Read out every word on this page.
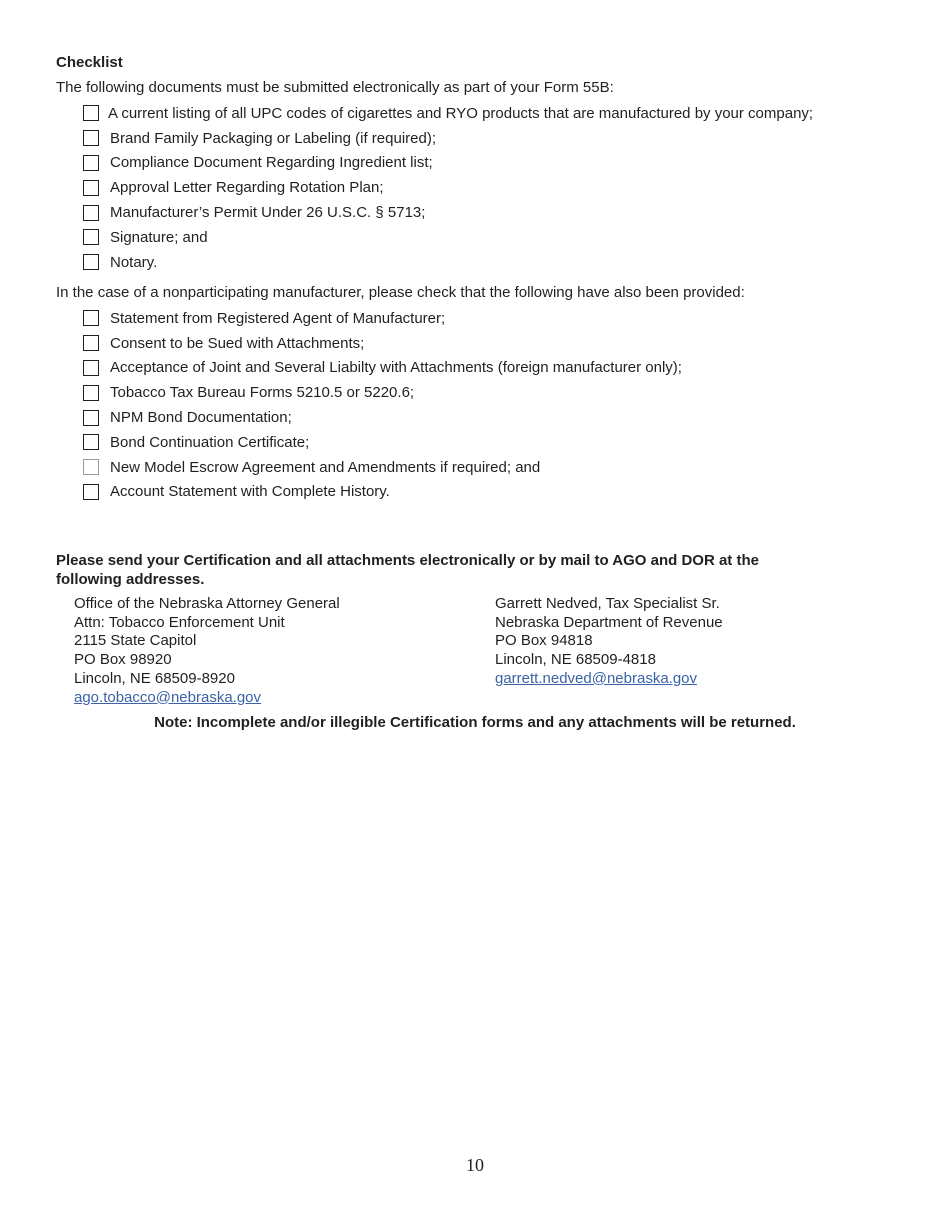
Checklist
The following documents must be submitted electronically as part of your Form 55B:
A current listing of all UPC codes of cigarettes and RYO products that are manufactured by your company;
Brand Family Packaging or Labeling (if required);
Compliance Document Regarding Ingredient list;
Approval Letter Regarding Rotation Plan;
Manufacturer’s Permit Under 26 U.S.C. § 5713;
Signature; and
Notary.
In the case of a nonparticipating manufacturer, please check that the following have also been provided:
Statement from Registered Agent of Manufacturer;
Consent to be Sued with Attachments;
Acceptance of Joint and Several Liabilty with Attachments (foreign manufacturer only);
Tobacco Tax Bureau Forms 5210.5 or 5220.6;
NPM Bond Documentation;
Bond Continuation Certificate;
New Model Escrow Agreement and Amendments if required; and
Account Statement with Complete History.
Please send your Certification and all attachments electronically or by mail to AGO and DOR at the following addresses.
Office of the Nebraska Attorney General
Attn: Tobacco Enforcement Unit
2115 State Capitol
PO Box 98920
Lincoln, NE 68509-8920
ago.tobacco@nebraska.gov
Garrett Nedved, Tax Specialist Sr.
Nebraska Department of Revenue
PO Box 94818
Lincoln, NE 68509-4818
garrett.nedved@nebraska.gov
Note: Incomplete and/or illegible Certification forms and any attachments will be returned.
10
